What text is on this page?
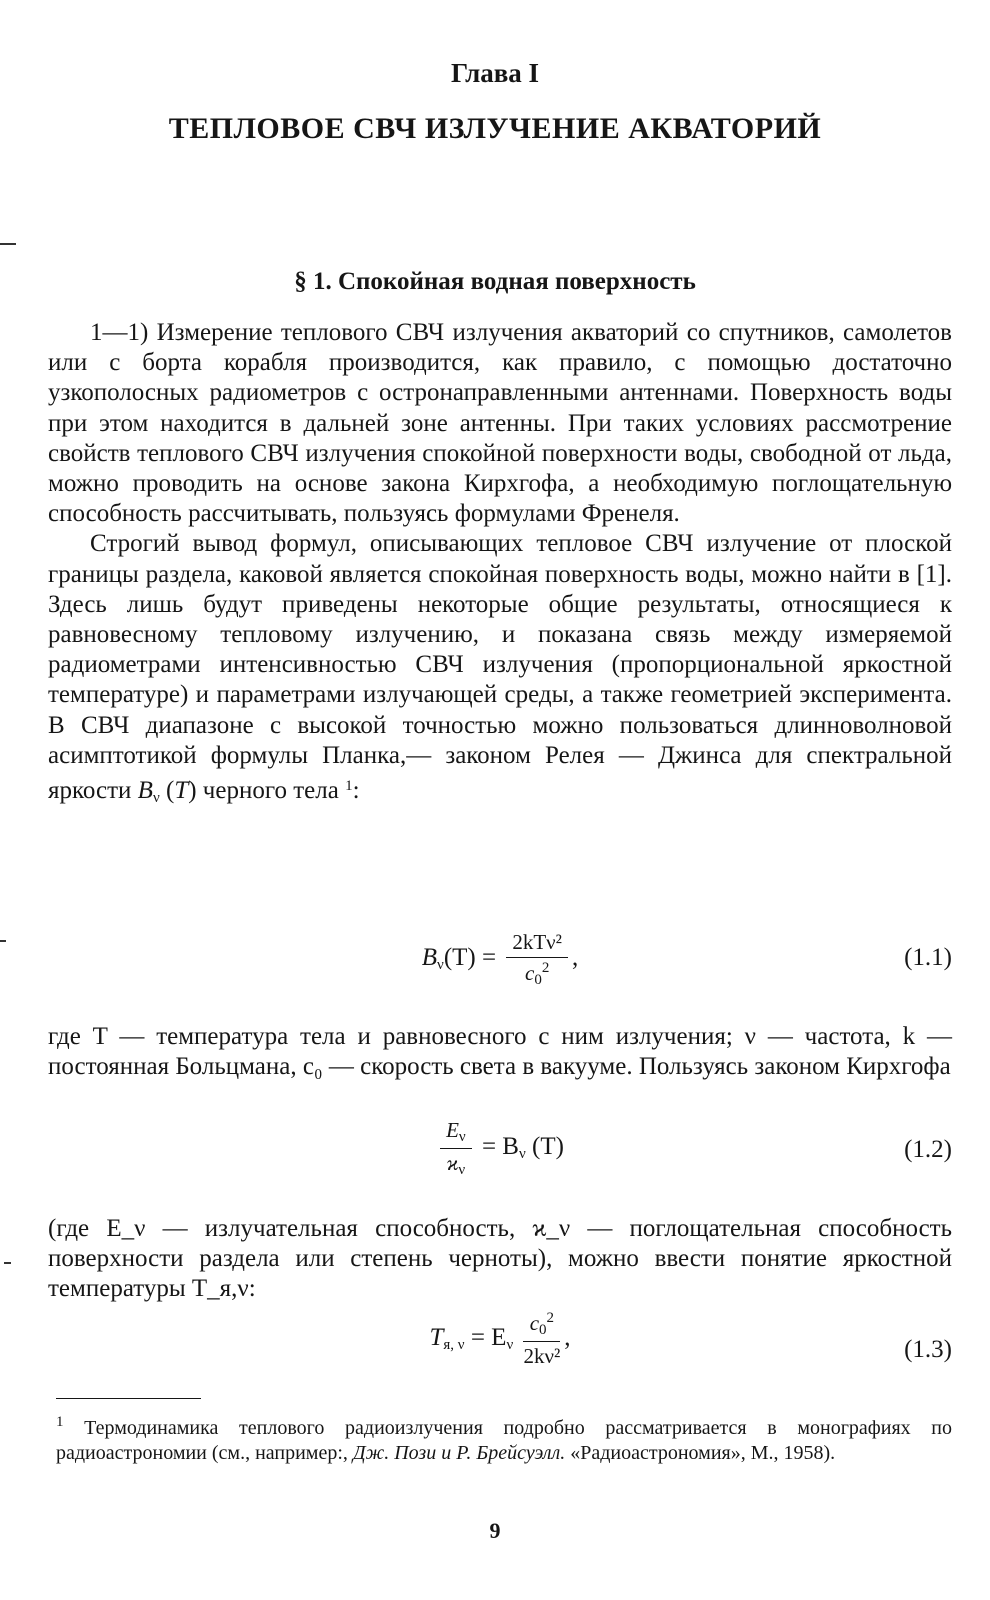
Глава I
ТЕПЛОВОЕ СВЧ ИЗЛУЧЕНИЕ АКВАТОРИЙ
§ 1. Спокойная водная поверхность

1—1) Измерение теплового СВЧ излучения акваторий со спутников, самолетов или с борта корабля производится, как правило, с помощью достаточно узкополосных радиометров с остронаправленными антеннами. Поверхность воды при этом находится в дальней зоне антенны. При таких условиях рассмотрение свойств теплового СВЧ излучения спокойной поверхности воды, свободной от льда, можно проводить на основе закона Кирхгофа, а необходимую поглощательную способность рассчитывать, пользуясь формулами Френеля.

Строгий вывод формул, описывающих тепловое СВЧ излучение от плоской границы раздела, каковой является спокойная поверхность воды, можно найти в [1]. Здесь лишь будут приведены некоторые общие результаты, относящиеся к равновесному тепловому излучению, и показана связь между измеряемой радиометрами интенсивностью СВЧ излучения (пропорциональной яркостной температуре) и параметрами излучающей среды, а также геометрией эксперимента. В СВЧ диапазоне с высокой точностью можно пользоваться длинноволновой асимптотикой формулы Планка,— законом Релея — Джинса для спектральной яркости $B_\nu$ (T) черного тела $^1$:

$B_\nu(T) = \frac{\text{2kTν²}}{c_0^2}$ ,	(1.1)

где T — температура тела и равновесного с ним излучения; ν — частота, k — постоянная Больцмана, c₀ — скорость света в вакууме. Пользуясь законом Кирхгофа

$\frac{E_\nu}{ϰ_\nu} = B_\nu$ (T)	(1.2)

(где E_ν — излучательная способность, ϰ_ν — поглощательная способность поверхности раздела или степень черноты), можно ввести понятие яркостной температуры T_я,ν:

$T_{я, \nu} = E_\nu \frac{c_0^2}{\text{2kν²}}$ ,	(1.3)

$^1$ Термодинамика теплового радиоизлучения подробно рассматривается в монографиях по радиоастрономии (см., например:, Дж. Пози и Р. Брейсуэлл. «Радиоастрономия», М., 1958).

9
